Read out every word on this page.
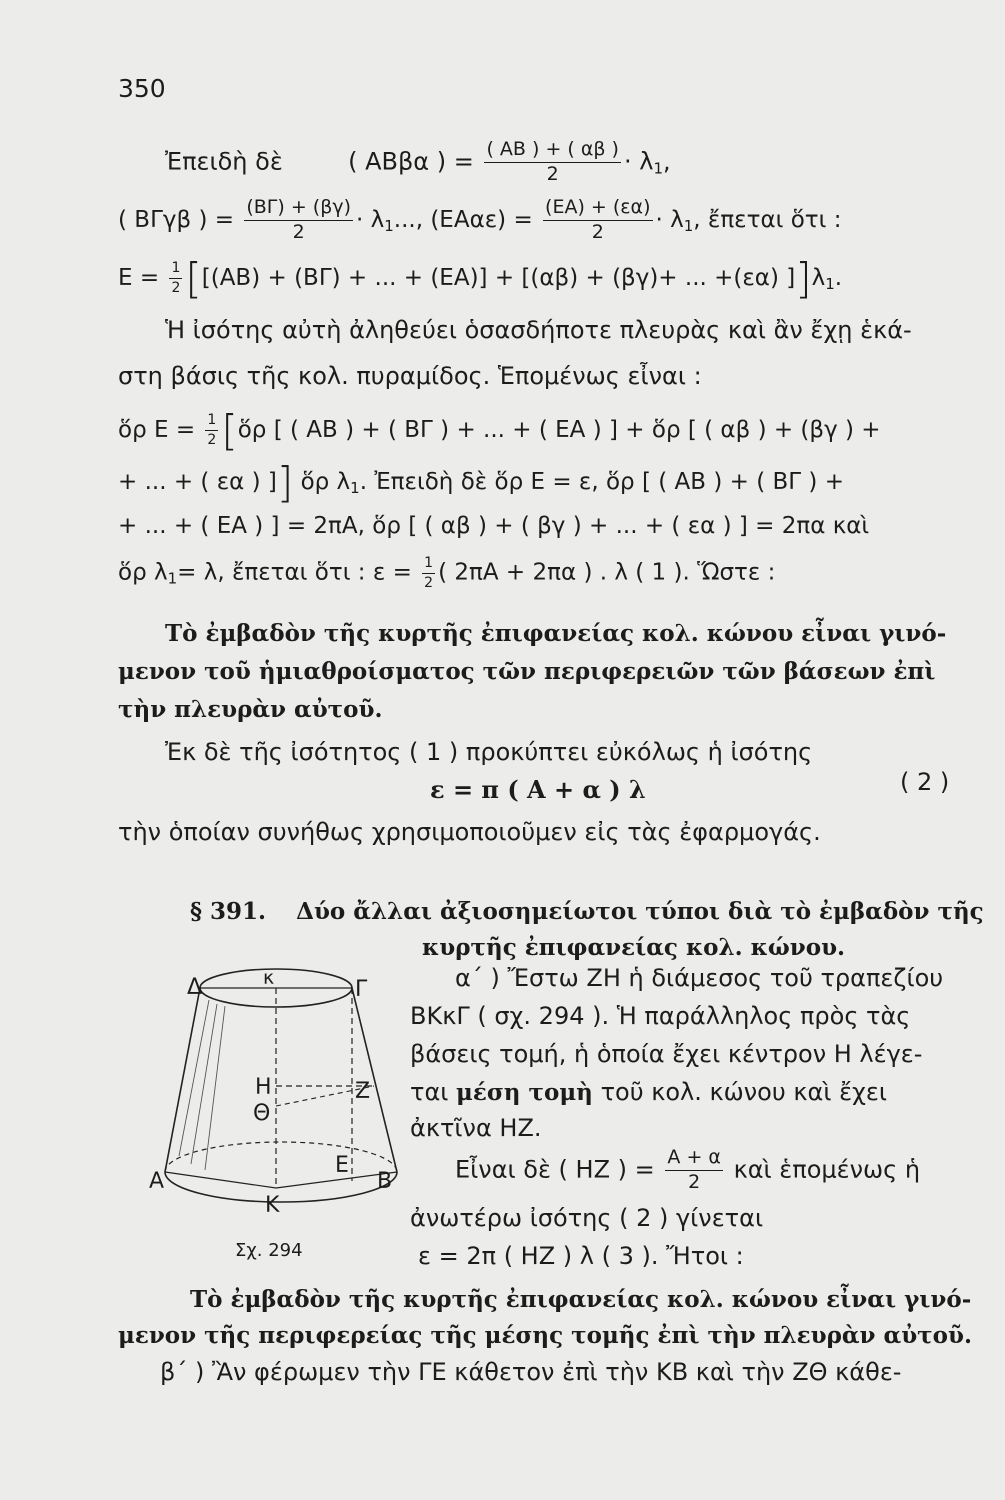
350
Ἐπειδὴ δὲ	( ΑΒβα ) = $\frac{( AB ) + ( \alpha\beta )}{2} \cdot \lambda_1$,
( ΒΓγβ ) = $\frac{(B\Gamma) + (\beta\gamma)}{2} \cdot \lambda_1$..., $(EA\alpha\varepsilon) = \frac{(EA) + (\varepsilon\alpha)}{2} \cdot \lambda_1$, ἔπεται ὅτι :
$E = \frac{1}{2} [[(AB) + (B\Gamma)$ + ... + (ΕΑ)] + [(αβ) + (βγ)+ ... +(εα) ]]$\lambda_1$.
Ἡ ἰσότης αὐτὴ ἀληθεύει ὁσασδήποτε πλευρὰς καὶ ἂν ἔχῃ ἑκά-
στη βάσις τῆς κολ. πυραμίδος. Ἑπομένως εἶναι :
ὅρ $E = \frac{1}{2}$ [ὅρ [ ( ΑΒ ) + ( ΒΓ ) + ... + ( ΕΑ ) ] + ὅρ [ ( αβ ) + (βγ ) +
+ ... + ( εα ) ]] ὅρ $\lambda_1$. Ἐπειδὴ δὲ ὅρ Ε = ε, ὅρ [ ( ΑΒ ) + ( ΒΓ ) +
+ ... + ( ΕΑ ) ] = 2πΑ, ὅρ [ ( αβ ) + ( βγ ) + ... + ( εα ) ] = 2πα καὶ
ὅρ $\lambda_1= \lambda$, ἔπεται ὅτι : $\varepsilon = \frac{1}{2}$ ( 2πΑ + 2πα ) . λ ( 1 ). Ὥστε :
Τὸ ἐμβαδὸν τῆς κυρτῆς ἐπιφανείας κολ. κώνου εἶναι γινό-
μενον τοῦ ἡμιαθροίσματος τῶν περιφερειῶν τῶν βάσεων ἐπὶ
τὴν πλευρὰν αὐτοῦ.
Ἐκ δὲ τῆς ἰσότητος ( 1 ) προκύπτει εὐκόλως ἡ ἰσότης
ε = π ( Α + α ) λ	( 2 )
τὴν ὁποίαν συνήθως χρησιμοποιοῦμεν εἰς τὰς ἐφαρμογάς.
§ 391. Δύο ἄλλαι ἀξιοσημείωτοι τύποι διὰ τὸ ἐμβαδὸν τῆς
κυρτῆς ἐπιφανείας κολ. κώνου.
α΄ ) Ἔστω ΖΗ ἡ διάμεσος τοῦ τραπεζίου
ΒΚκΓ ( σχ. 294 ). Ἡ παράλληλος πρὸς τὰς
βάσεις τομή, ἡ ὁποία ἔχει κέντρον Η λέγε-
ται μέση τομὴ τοῦ κολ. κώνου καὶ ἔχει
ἀκτῖνα ΗΖ.
Εἶναι δὲ ( ΗΖ ) = $\frac{A + \alpha}{2}$ καὶ ἑπομένως ἡ
ἀνωτέρω ἰσότης ( 2 ) γίνεται
ε = 2π ( ΗΖ ) λ ( 3 ). Ἤτοι :
Τὸ ἐμβαδὸν τῆς κυρτῆς ἐπιφανείας κολ. κώνου εἶναι γινό-
μενον τῆς περιφερείας τῆς μέσης τομῆς ἐπὶ τὴν πλευρὰν αὐτοῦ.
β΄ ) Ἂν φέρωμεν τὴν ΓΕ κάθετον ἐπὶ τὴν ΚΒ καὶ τὴν ΖΘ κάθε-
Δ	κ	Γ
Η	Ζ
Θ
Α
Ε
Κ
Β
Σχ. 294
